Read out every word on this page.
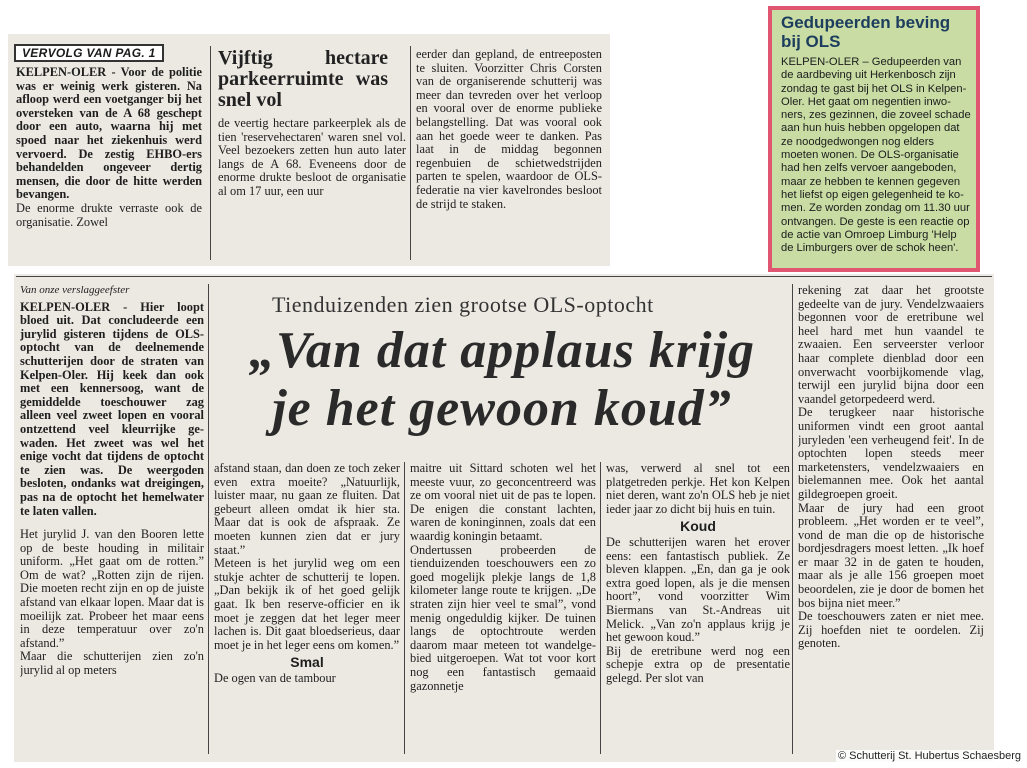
VERVOLG VAN PAG. 1

KELPEN-OLER - Voor de politie was er weinig werk gisteren. Na afloop werd een voetganger bij het oversteken van de A 68 geschept door een auto, waarna hij met spoed naar het ziekenhuis werd vervoerd. De zestig EHBO-ers behandelden ongeveer dertig mensen, die door de hitte werden bevangen.

De enorme drukte verraste ook de organisatie. Zowel

Vijftig hectare parkeerruimte was snel vol

de veertig hectare parkeerplek als de tien 'reservehectaren' waren snel vol. Veel bezoekers zetten hun auto later langs de A 68. Eveneens door de enorme drukte besloot de organisatie al om 17 uur, een uur

eerder dan gepland, de entreeposten te sluiten. Voorzitter Chris Corsten van de organiserende schutterij was meer dan tevreden over het verloop en vooral over de enorme publieke belangstelling. Dat was vooral ook aan het goede weer te danken. Pas laat in de middag begonnen regenbuien de schietwedstrijden parten te spelen, waardoor de OLS-federatie na vier kavelrondes besloot de strijd te staken.

Gedupeerden beving bij OLS

KELPEN-OLER – Gedupeerden van de aardbeving uit Herkenbosch zijn zondag te gast bij het OLS in Kelpen-Oler. Het gaat om negentien inwoners, zes gezinnen, die zoveel schade aan hun huis hebben opgelopen dat ze noodgedwongen nog elders moeten wonen. De OLS-organisatie had hen zelfs vervoer aangeboden, maar ze hebben te kennen gegeven het liefst op eigen gelegenheid te komen. Ze worden zondag om 11.30 uur ontvangen. De geste is een reactie op de actie van Omroep Limburg 'Help de Limburgers over de schok heen'.

Van onze verslaggeefster

KELPEN-OLER - Hier loopt bloed uit. Dat concludeerde een jurylid gisteren tijdens de OLS-optocht van de deelnemende schutterijen door de straten van Kelpen-Oler. Hij keek dan ook met een kennersoog, want de gemiddelde toeschouwer zag alleen veel zweet lopen en vooral ontzettend veel kleurrijke gewaden. Het zweet was wel het enige vocht dat tijdens de optocht te zien was. De weergoden besloten, ondanks wat dreigingen, pas na de optocht het hemelwater te laten vallen.

Het jurylid J. van den Booren lette op de beste houding in militair uniform. „Het gaat om de rotten.” Om de wat? „Rotten zijn de rijen. Die moeten recht zijn en op de juiste afstand van elkaar lopen. Maar dat is moeilijk zat. Probeer het maar eens in deze temperatuur over zo'n afstand.”
Maar die schutterijen zien zo'n jurylid al op meters

Tienduizenden zien grootse OLS-optocht
„Van dat applaus krijg
je het gewoon koud”

afstand staan, dan doen ze toch zeker even extra moeite? „Natuurlijk, luister maar, nu gaan ze fluiten. Dat gebeurt alleen omdat ik hier sta. Maar dat is ook de afspraak. Ze moeten kunnen zien dat er jury staat.”
Meteen is het jurylid weg om een stukje achter de schutterij te lopen. „Dan bekijk ik of het goed gelijk gaat. Ik ben reserve-officier en ik moet je zeggen dat het leger meer lachen is. Dit gaat bloedserieus, daar moet je in het leger eens om komen.”

Smal

De ogen van de tambour

maitre uit Sittard schoten wel het meeste vuur, zo geconcentreerd was ze om vooral niet uit de pas te lopen. De enigen die constant lachten, waren de koninginnen, zoals dat een waardig koningin betaamt.
Ondertussen probeerden de tienduizenden toeschouwers een zo goed mogelijk plekje langs de 1,8 kilometer lange route te krijgen. „De straten zijn hier veel te smal”, vond menig ongeduldig kijker. De tuinen langs de optochtroute werden daarom maar meteen tot wandelgebied uitgeroepen. Wat tot voor kort nog een fantastisch gemaaid gazonnetje

was, verwerd al snel tot een platgetreden perkje. Het kon Kelpen niet deren, want zo'n OLS heb je niet ieder jaar zo dicht bij huis en tuin.

Koud

De schutterijen waren het erover eens: een fantastisch publiek. Ze bleven klappen. „En, dan ga je ook extra goed lopen, als je die mensen hoort”, vond voorzitter Wim Biermans van St.-Andreas uit Melick. „Van zo'n applaus krijg je het gewoon koud.”
Bij de eretribune werd nog een schepje extra op de presentatie gelegd. Per slot van

rekening zat daar het grootste gedeelte van de jury. Vendelzwaaiers begonnen voor de eretribune wel heel hard met hun vaandel te zwaaien. Een serveerster verloor haar complete dienblad door een onverwacht voorbijkomende vlag, terwijl een jurylid bijna door een vaandel getorpedeerd werd.
De terugkeer naar historische uniformen vindt een groot aantal juryleden 'een verheugend feit'. In de optochten lopen steeds meer marketensters, vendelzwaaiers en bielemannen mee. Ook het aantal gildegroepen groeit.
Maar de jury had een groot probleem. „Het worden er te veel”, vond de man die op de historische bordjesdragers moest letten. „Ik hoef er maar 32 in de gaten te houden, maar als je alle 156 groepen moet beoordelen, zie je door de bomen het bos bijna niet meer.”
De toeschouwers zaten er niet mee. Zij hoefden niet te oordelen. Zij genoten.

© Schutterij St. Hubertus Schaesberg
